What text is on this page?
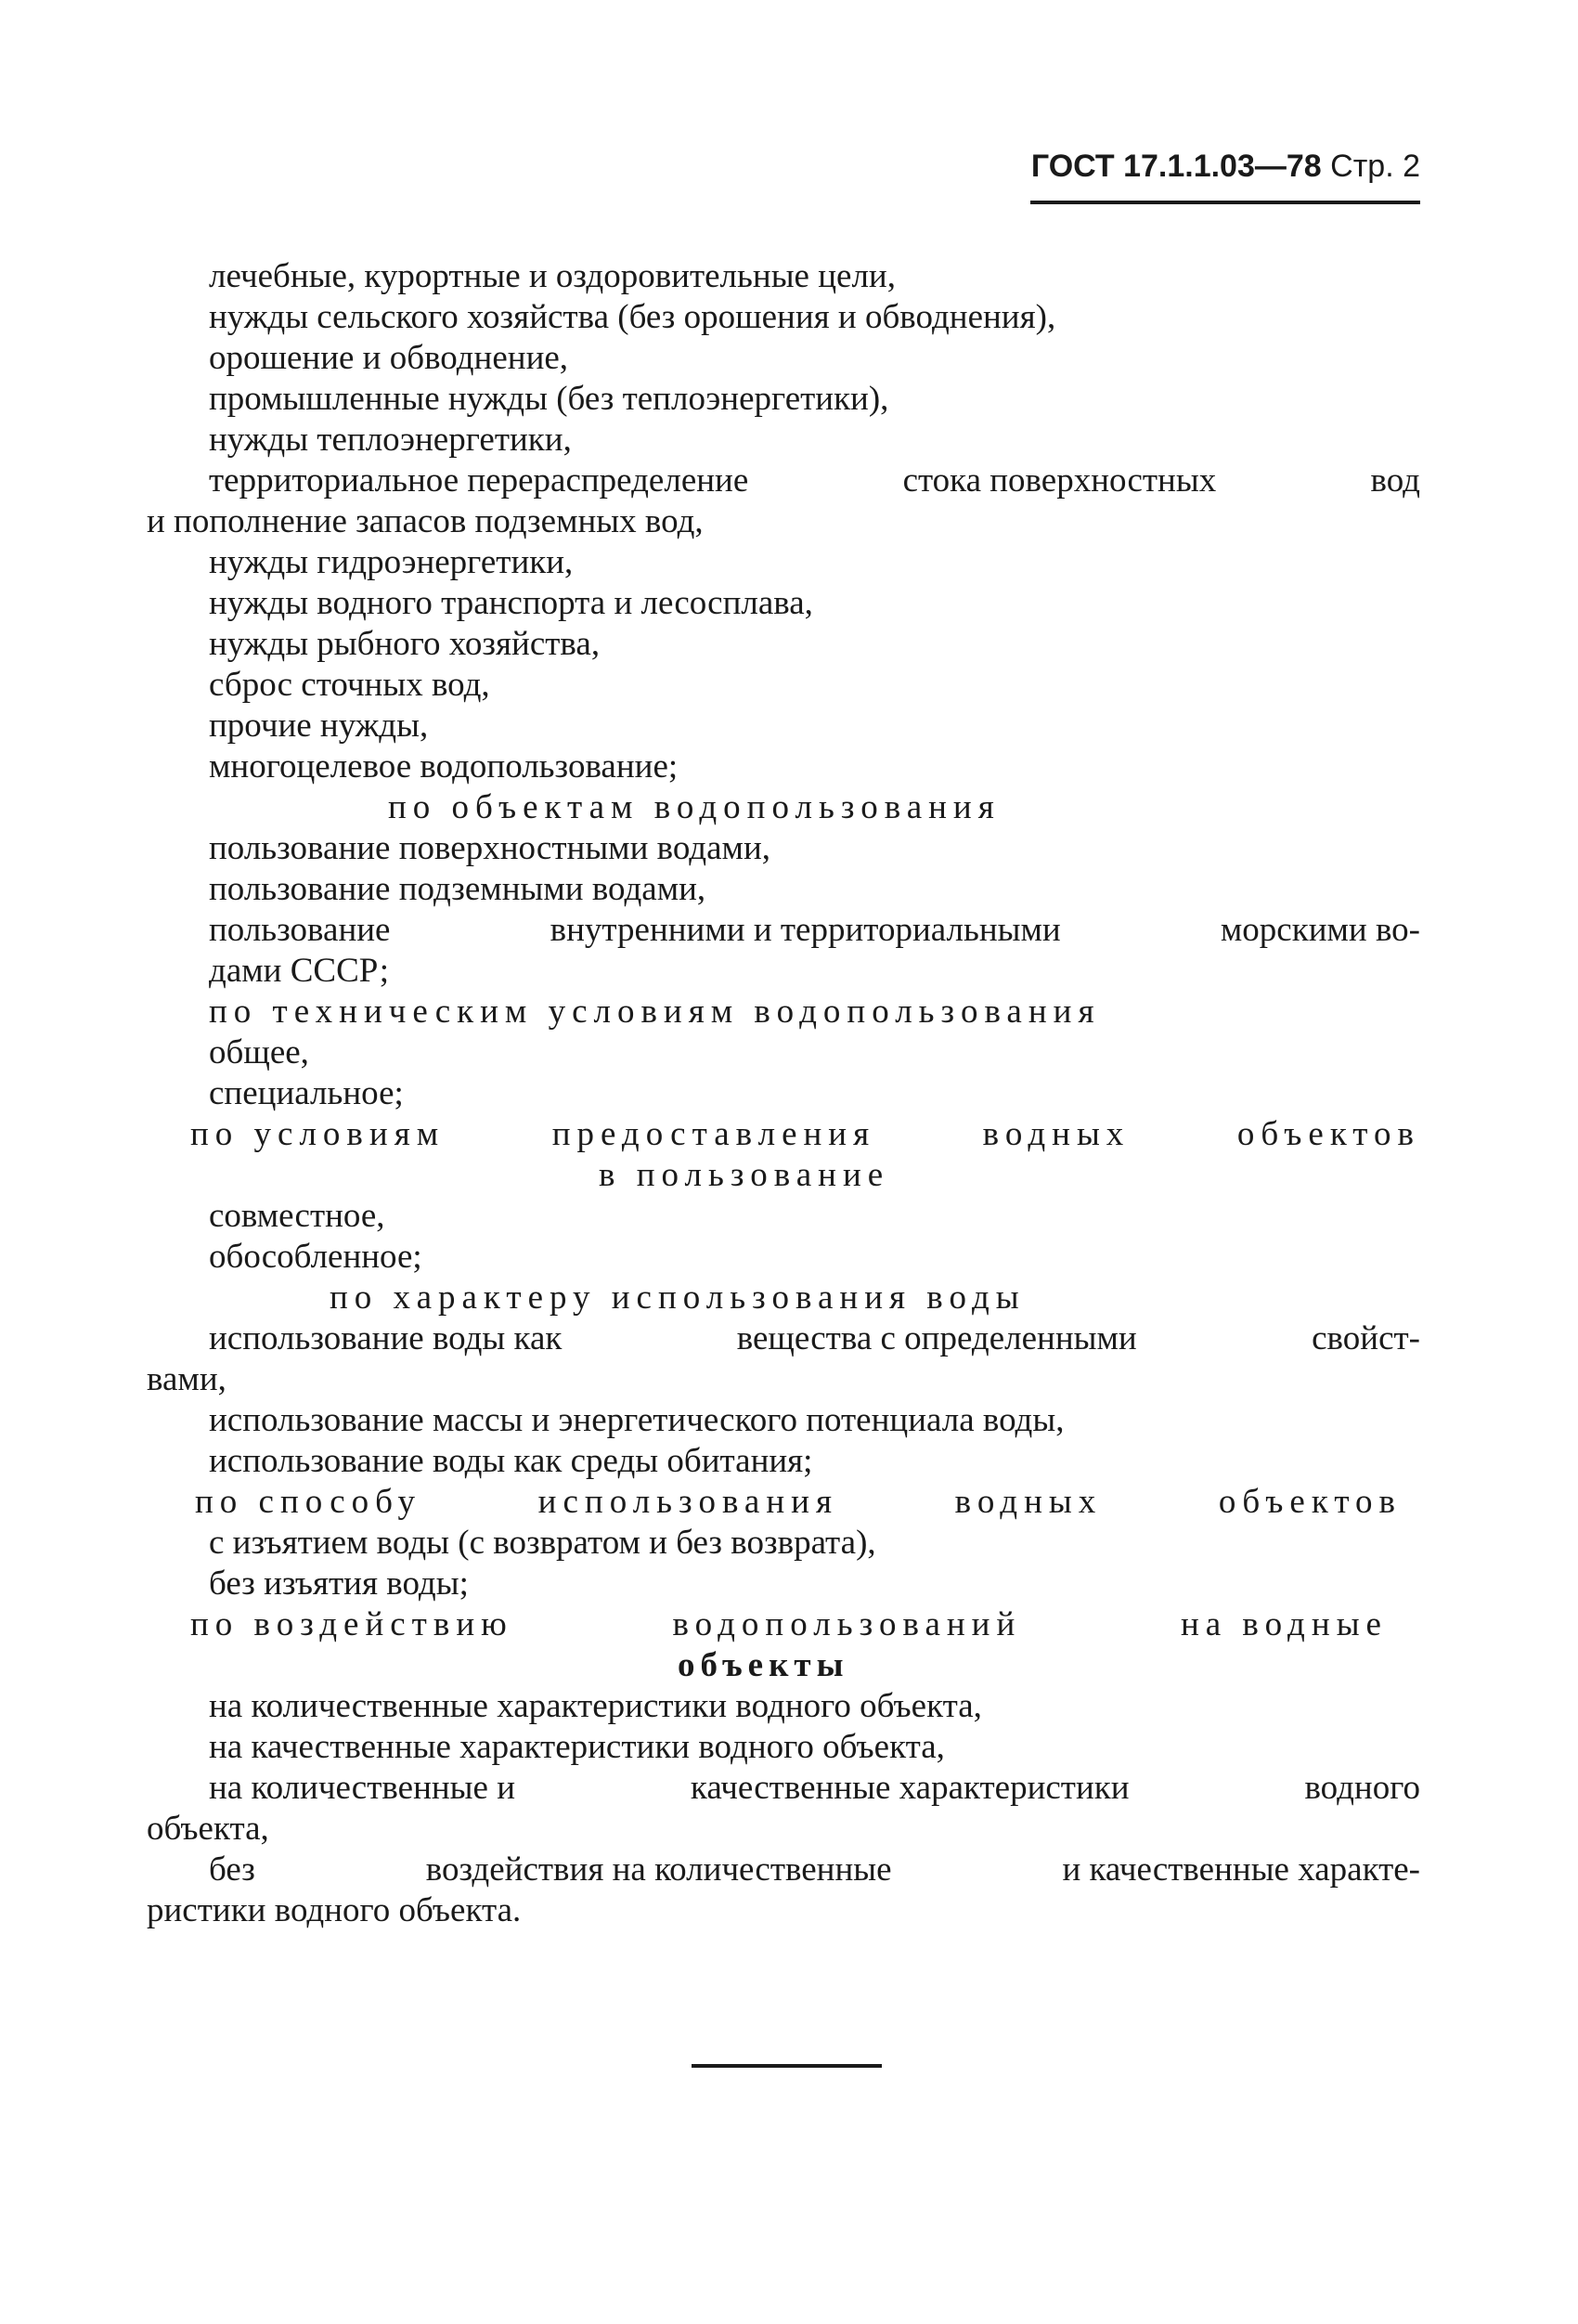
ГОСТ 17.1.1.03—78 Стр. 2
лечебные, курортные и оздоровительные цели,
нужды сельского хозяйства (без орошения и обводнения),
орошение и обводнение,
промышленные нужды (без теплоэнергетики),
нужды теплоэнергетики,
территориальное перераспределение	стока поверхностных	вод
и пополнение запасов подземных вод,
нужды гидроэнергетики,
нужды водного транспорта и лесосплава,
нужды рыбного хозяйства,
сброс сточных вод,
прочие нужды,
многоцелевое водопользование;
по объектам водопользования
пользование поверхностными водами,
пользование подземными водами,
пользование	внутренними и территориальными	морскими во-
дами СССР;
по техническим условиям водопользования
общее,
специальное;
по условиям	предоставления	водных	объектов
в пользование
совместное,
обособленное;
по характеру использования воды
использование воды как	вещества с определенными	свойст-
вами,
использование массы и энергетического потенциала воды,
использование воды как среды обитания;
по способу	использования	водных	объектов
с изъятием воды (с возвратом и без возврата),
без изъятия воды;
по воздействию	водопользований	на водные
объекты
на количественные характеристики водного объекта,
на качественные характеристики водного объекта,
на количественные и	качественные характеристики	водного
объекта,
без	воздействия на количественные	и качественные характе-
ристики водного объекта.
